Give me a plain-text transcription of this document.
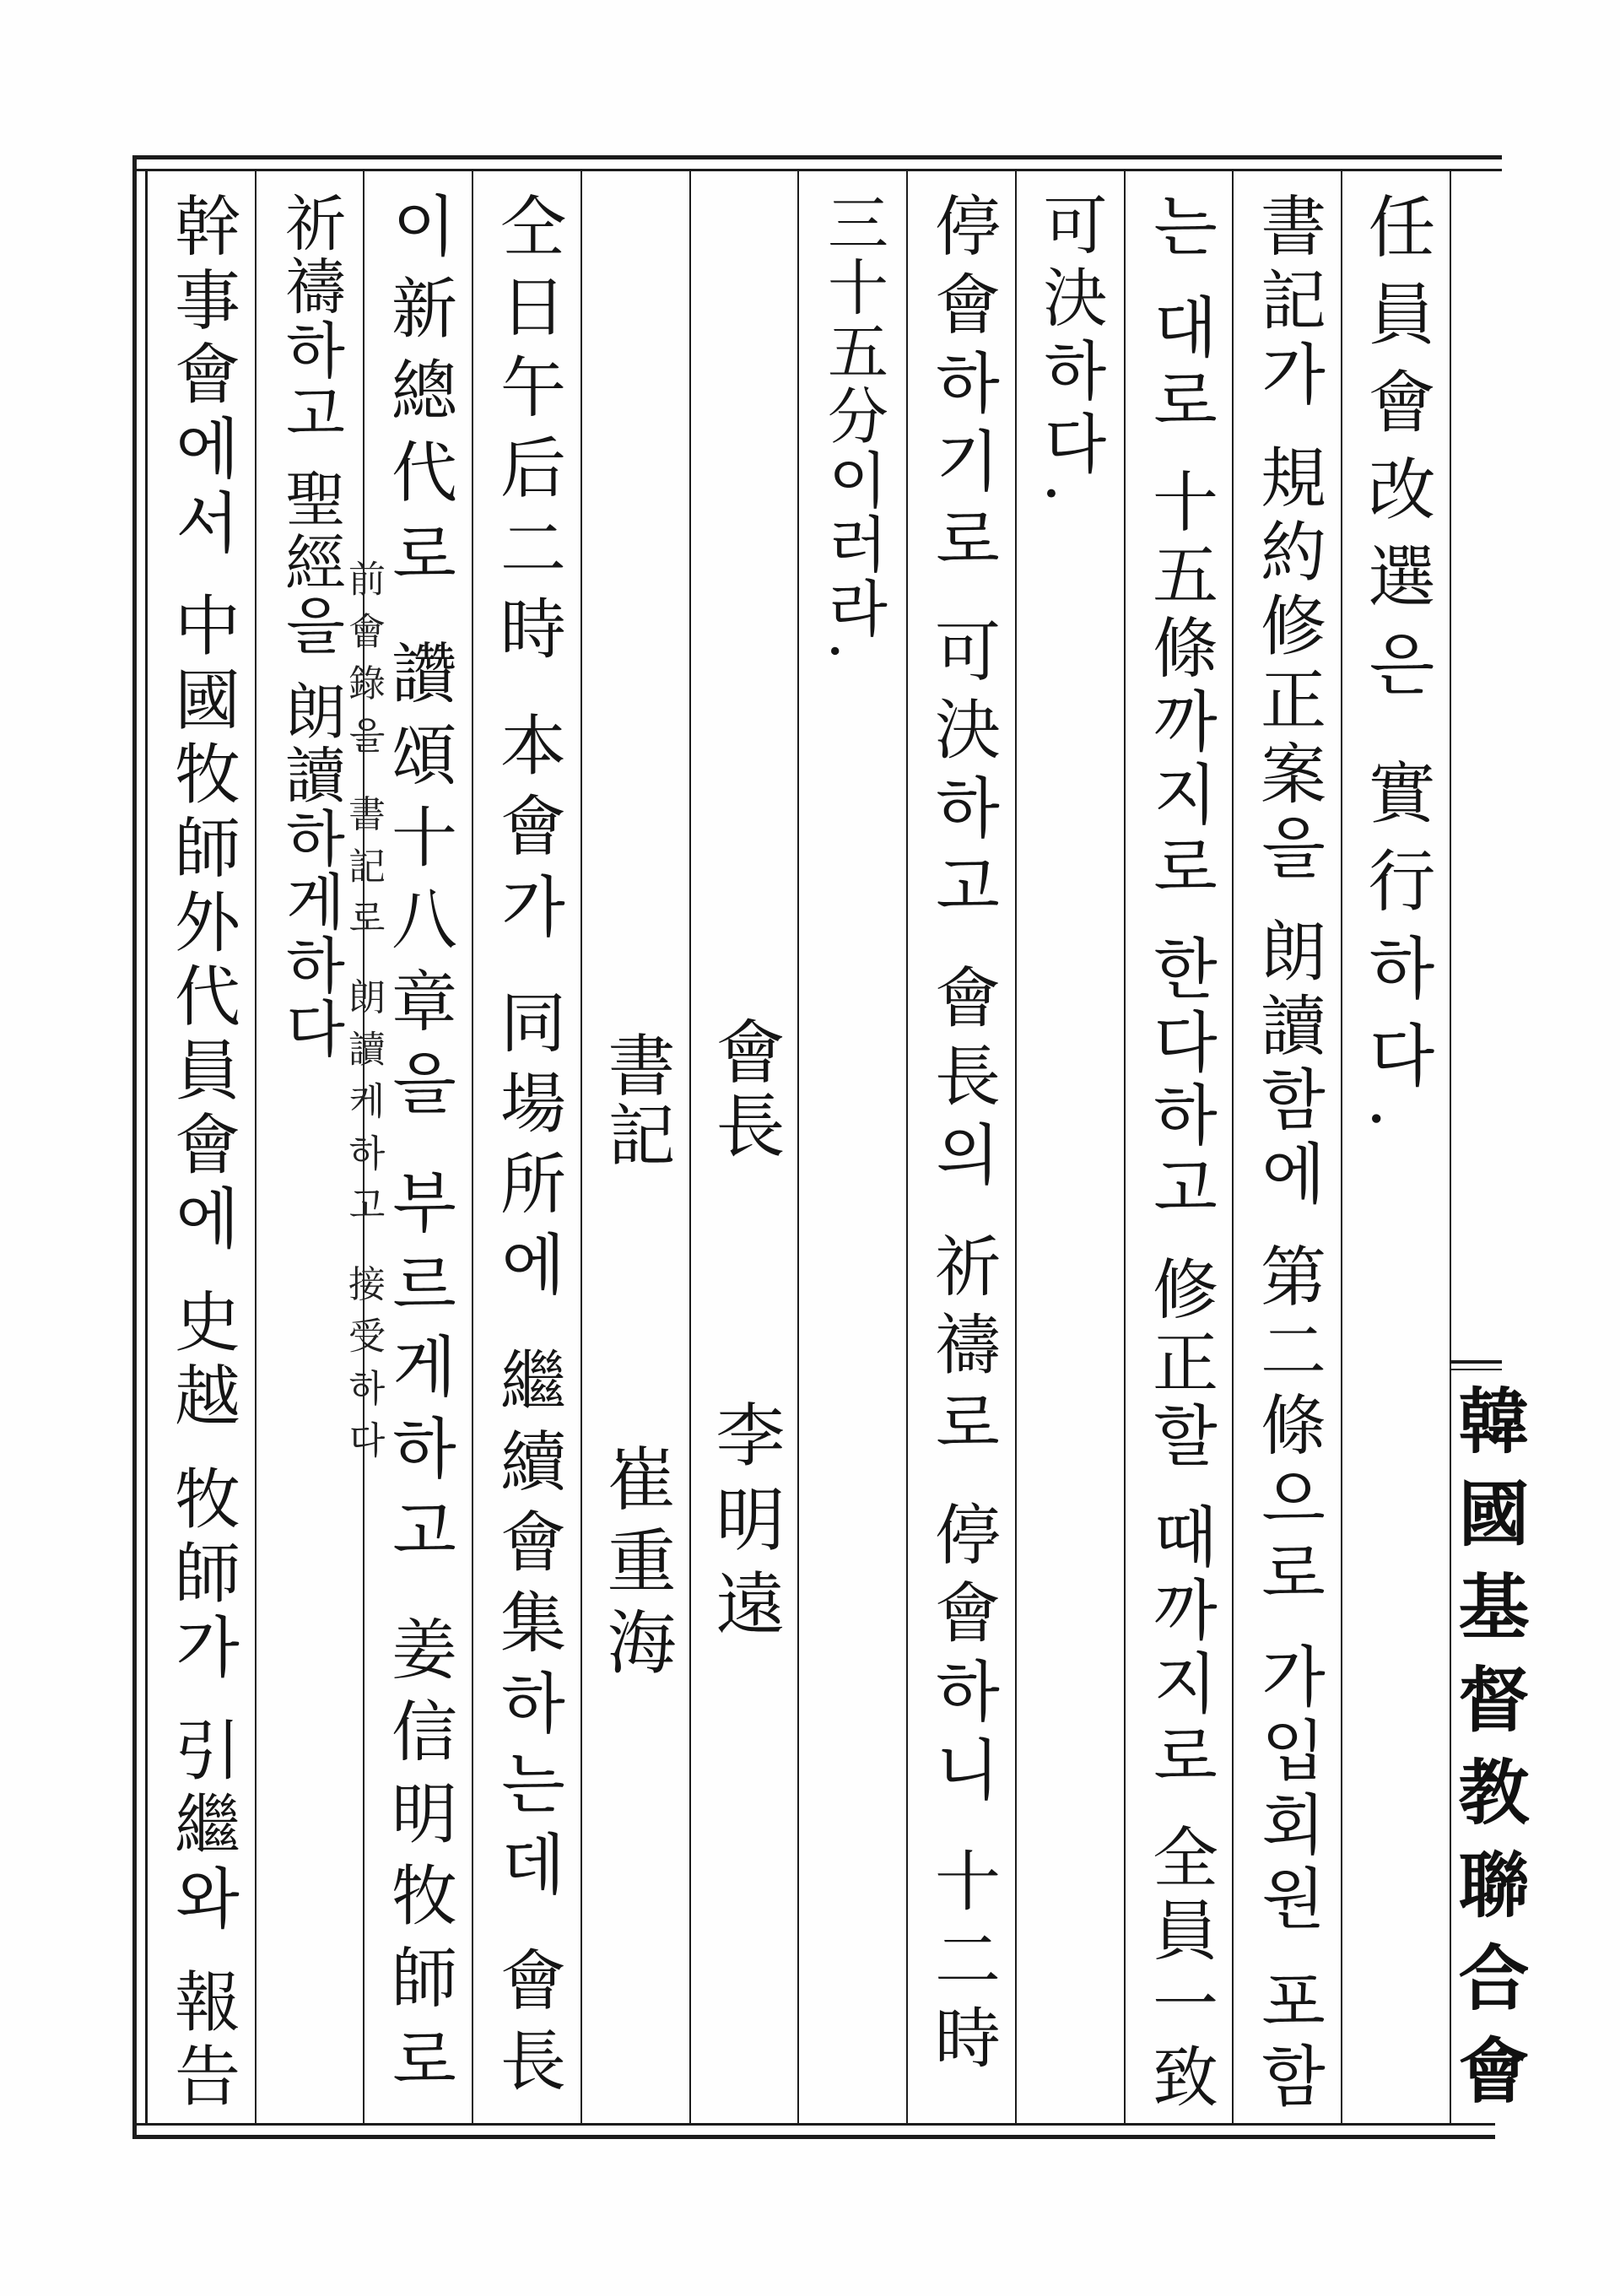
韓國基督教聯合會
任員會改選은 實行하다.
書記가 規約修正案을 朗讀함에 第二條으로 가입회원 포함
는 대로 十五條까지로 한다하고 修正할 때까지로 全員一致
可決하다.
停會하기로 可決하고 會長의 祈禱로 停會하니 十二時
三十五分이러라.
會長
李明遠
書記
崔重海
仝日午后二時 本會가 同場所에 繼續會集하는데 會長
이新總代로 讚頌十八章을 부르게하고 姜信明牧師로
祈禱하고 聖經을 朗讀하게하다
前會錄을 書記로 朗讀케하고 接受하다
幹事會에서 中國牧師外代員會에 史越 牧師가 引繼와 報告
